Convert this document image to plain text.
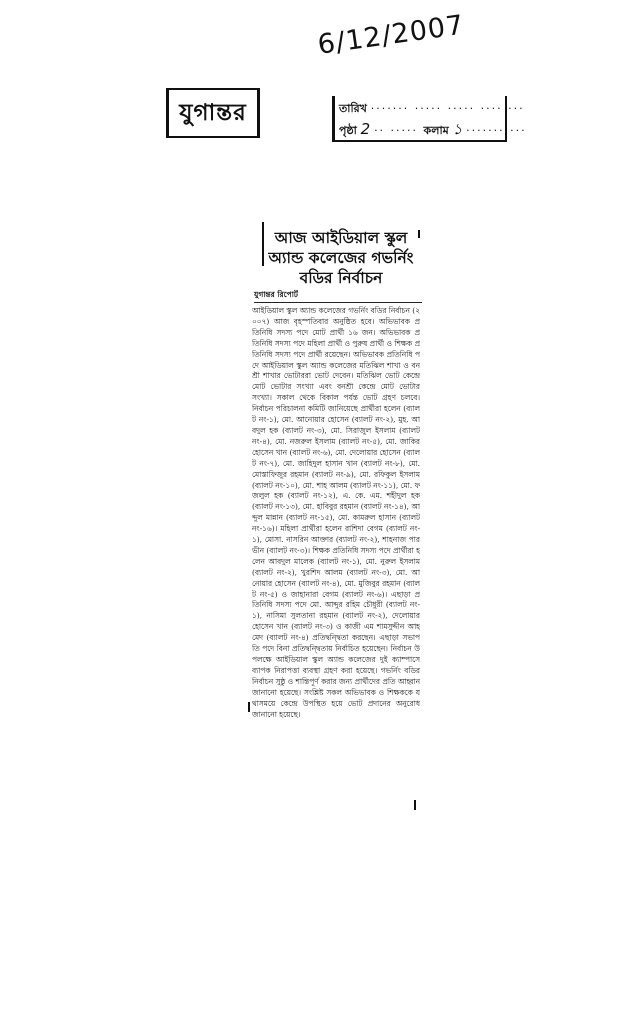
যুগান্তর

6/12/2007

তারিখ ······· ····· ····· ···· ···
পৃষ্ঠা 2 ·· ····· কলাম ১ ···········
আজ আইডিয়াল স্কুল অ্যান্ড কলেজের গভর্নিং বডির নির্বাচন
যুগান্তর রিপোর্ট

আইডিয়াল স্কুল অ্যান্ড কলেজের গভর্নিং বডির নির্বাচন (২০০৭) আজ বৃহস্পতিবার অনুষ্ঠিত হবে। অভিভাবক প্রতিনিধি সদস্য পদে মোট প্রার্থী ১৬ জন। অভিভাবক প্রতিনিধি সদস্য পদে মহিলা প্রার্থী ও পুরুষ প্রার্থী ও শিক্ষক প্রতিনিধি সদস্য পদে প্রার্থী রয়েছেন। অভিভাবক প্রতিনিধি পদে আইডিয়াল স্কুল অ্যান্ড কলেজের মতিঝিল শাখা ও বনশ্রী শাখার ভোটাররা ভোট দেবেন। মতিঝিল ভোট কেন্দ্রে মোট ভোটার সংখ্যা এবং বনশ্রী কেন্দ্রে মোট ভোটার সংখ্যা। সকাল থেকে বিকাল পর্যন্ত ভোট গ্রহণ চলবে। নির্বাচন পরিচালনা কমিটি জানিয়েছে প্রার্থীরা হলেন (ব্যালট নং-১), মো. আনোয়ার হোসেন (ব্যালট নং-২), মুহ. আবদুল হক (ব্যালট নং-৩), মো. সিরাজুল ইসলাম (ব্যালট নং-৪), মো. নজরুল ইসলাম (ব্যালট নং-৫), মো. জাকির হোসেন খান (ব্যালট নং-৬), মো. দেলোয়ার হোসেন (ব্যালট নং-৭), মো. জাহিদুল হাসান খান (ব্যালট নং-৮), মো. মোস্তাফিজুর রহমান (ব্যালট নং-৯), মো. রফিকুল ইসলাম (ব্যালট নং-১০), মো. শাহ আলম (ব্যালট নং-১১), মো. ফজলুল হক (ব্যালট নং-১২), এ. কে. এম. শহীদুল হক (ব্যালট নং-১৩), মো. হাবিবুর রহমান (ব্যালট নং-১৪), আব্দুল মান্নান (ব্যালট নং-১৫), মো. কামরুল হাসান (ব্যালট নং-১৬)। মহিলা প্রার্থীরা হলেন রাশিদা বেগম (ব্যালট নং-১), মোসা. নাসরিন আক্তার (ব্যালট নং-২), শাহনাজ পারভীন (ব্যালট নং-৩)। শিক্ষক প্রতিনিধি সদস্য পদে প্রার্থীরা হলেন আবদুল মালেক (ব্যালট নং-১), মো. নুরুল ইসলাম (ব্যালট নং-২), খুরশিদ আলম (ব্যালট নং-৩), মো. আনোয়ার হোসেন (ব্যালট নং-৪), মো. মুজিবুর রহমান (ব্যালট নং-৫) ও জাহানারা বেগম (ব্যালট নং-৬)। এছাড়া প্রতিনিধি সদস্য পদে মো. আব্দুর রহিম চৌধুরী (ব্যালট নং-১), নাসিমা সুলতানা রহমান (ব্যালট নং-২), দেলোয়ার হোসেন খান (ব্যালট নং-৩) ও কাজী এম শামসুদ্দীন আহমেদ (ব্যালট নং-৪) প্রতিদ্বন্দ্বিতা করছেন। এছাড়া সভাপতি পদে বিনা প্রতিদ্বন্দ্বিতায় নির্বাচিত হয়েছেন। নির্বাচন উপলক্ষে আইডিয়াল স্কুল অ্যান্ড কলেজের দুই ক্যাম্পাসে ব্যাপক নিরাপত্তা ব্যবস্থা গ্রহণ করা হয়েছে। গভর্নিং বডির নির্বাচন সুষ্ঠু ও শান্তিপূর্ণ করার জন্য প্রার্থীদের প্রতি আহ্বান জানানো হয়েছে। সংশ্লিষ্ট সকল অভিভাবক ও শিক্ষককে যথাসময়ে কেন্দ্রে উপস্থিত হয়ে ভোট প্রদানের অনুরোধ জানানো হয়েছে।
